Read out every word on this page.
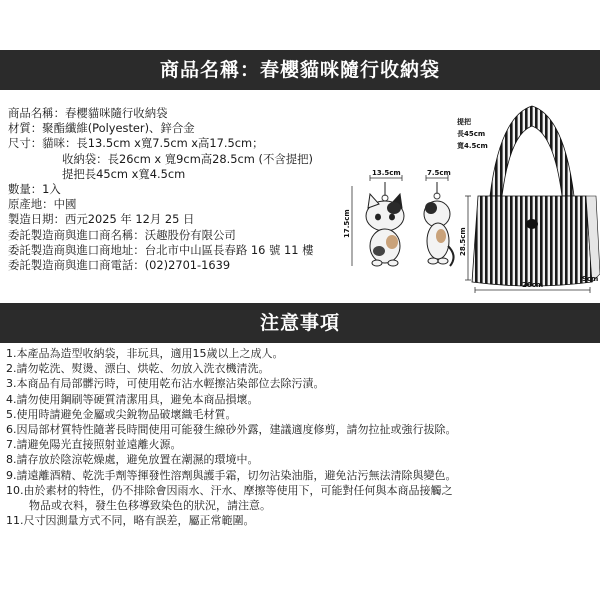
商品名稱：春櫻貓咪隨行收納袋
商品名稱：春櫻貓咪隨行收納袋
材質：聚酯纖維(Polyester)、鋅合金
尺寸：貓咪：長13.5cm x寬7.5cm x高17.5cm；
收納袋：長26cm x 寬9cm高28.5cm (不含提把)
提把長45cm x寬4.5cm
數量：1入
原產地：中國
製造日期：西元2025 年 12月 25 日
委託製造商與進口商名稱：沃趣股份有限公司
委託製造商與進口商地址：台北市中山區長春路 16 號 11 樓
委託製造商與進口商電話：(02)2701-1639
13.5cm
17.5cm
7.5cm
提把
長45cm
寬4.5cm
28.5cm
26cm
9cm
注意事項
1.本產品為造型收納袋，非玩具，適用15歲以上之成人。
2.請勿乾洗、熨燙、漂白、烘乾、勿放入洗衣機清洗。
3.本商品有局部髒污時，可使用乾布沾水輕擦沾染部位去除污漬。
4.請勿使用鋼刷等硬質清潔用具，避免本商品損壞。
5.使用時請避免金屬或尖銳物品破壞織毛材質。
6.因局部材質特性隨著長時間使用可能發生線砂外露，建議適度修剪，請勿拉扯或強行拔除。
7.請避免陽光直接照射並遠離火源。
8.請存放於陰涼乾燥處，避免放置在潮濕的環境中。
9.請遠離酒精、乾洗手劑等揮發性溶劑與護手霜，切勿沾染油脂，避免沾污無法清除與變色。
10.由於素材的特性，仍不排除會因雨水、汗水、摩擦等使用下，可能對任何與本商品接觸之
物品或衣料，發生色移導致染色的狀況，請注意。
11.尺寸因測量方式不同，略有誤差，屬正常範圍。
